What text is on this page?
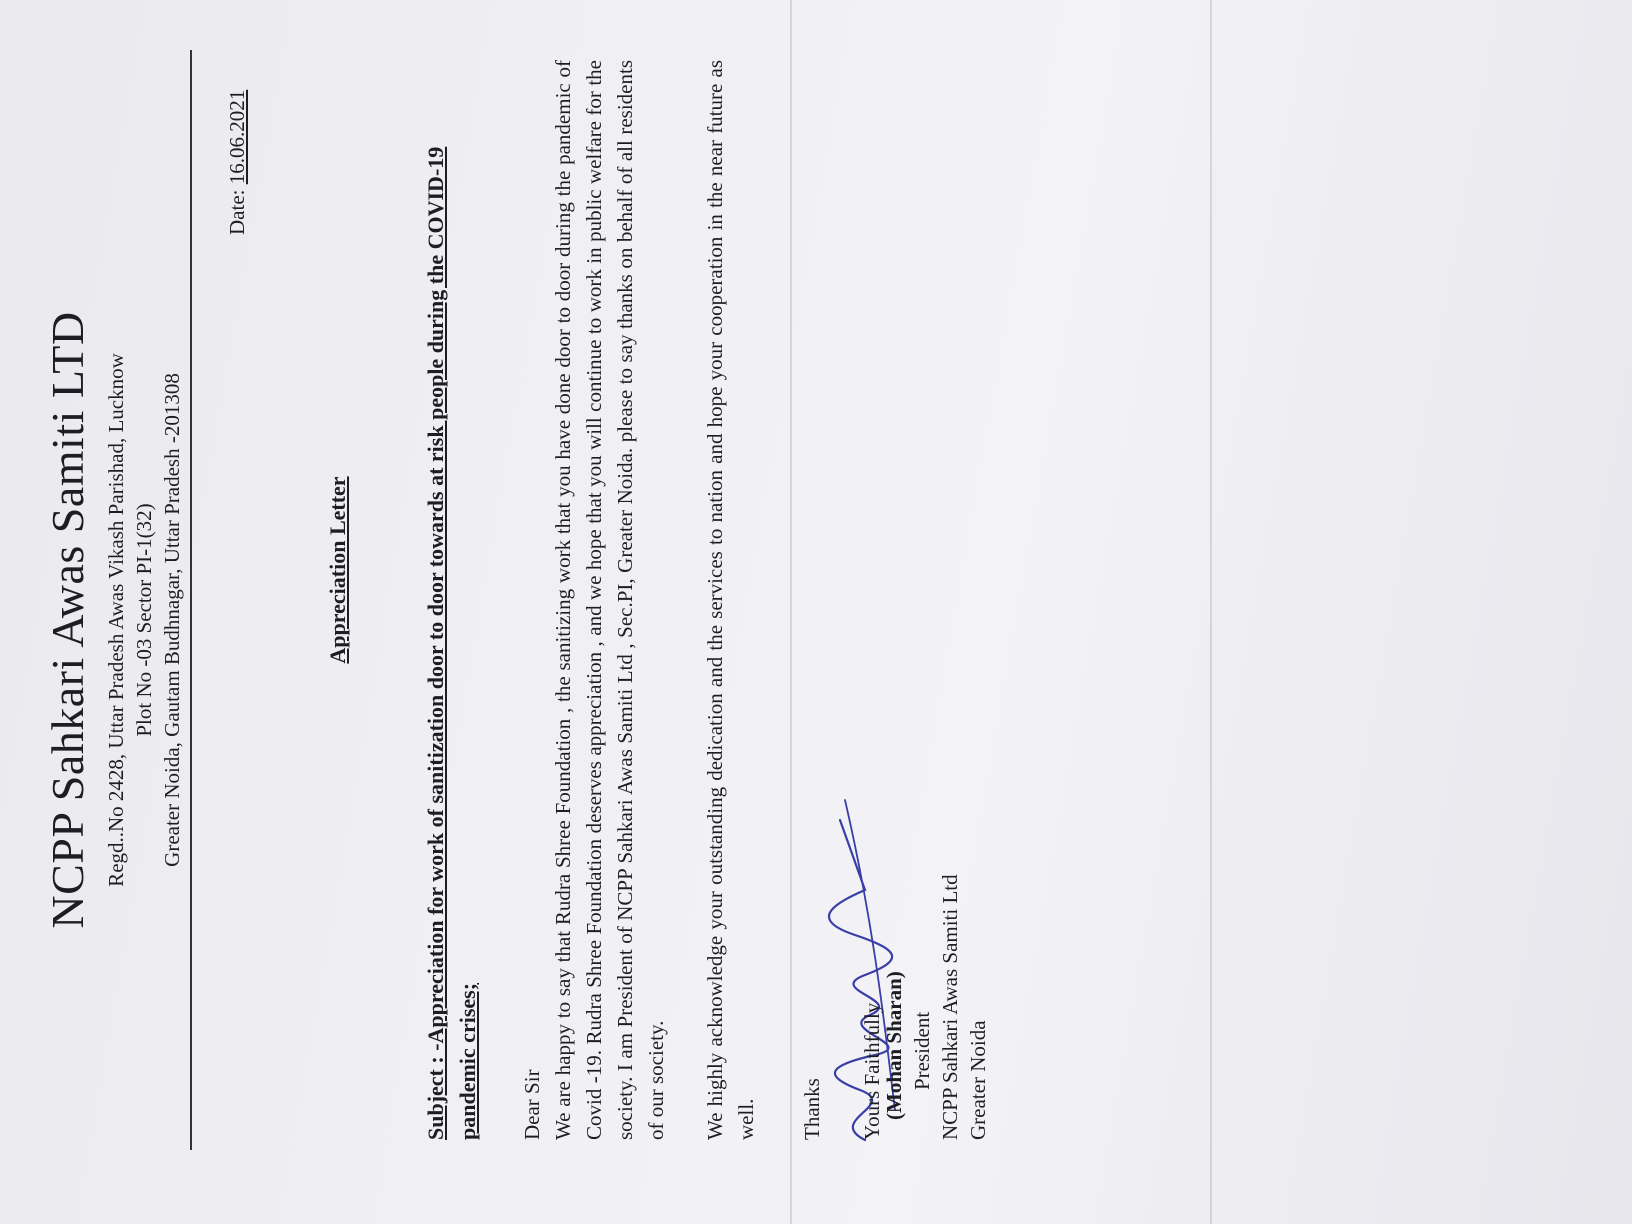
NCPP Sahkari Awas Samiti LTD Regd..No 2428, Uttar Pradesh Awas Vikash Parishad, Lucknow Plot No -03 Sector PI-1(32) Greater Noida, Gautam Budhnagar, Uttar Pradesh -201308
Date: 16.06.2021
Appreciation Letter	Subject : -Appreciation for work of sanitization door to door towards at risk people during the COVID-19 pandemic crises; Dear Sir We are happy to say that Rudra Shree Foundation , the sanitizing work that you have done door to door during the pandemic of Covid -19. Rudra Shree Foundation deserves appreciation , and we hope that you will continue to work in public welfare for the society. I am President of NCPP Sahkari Awas Samiti Ltd , Sec.PI, Greater Noida. please to say thanks on behalf of all residents of our society. We highly acknowledge your outstanding dedication and the services to nation and hope your cooperation in the near future as well. Thanks Yours Faithfully
(Mohan Sharan) President NCPP Sahkari Awas Samiti Ltd Greater Noida
